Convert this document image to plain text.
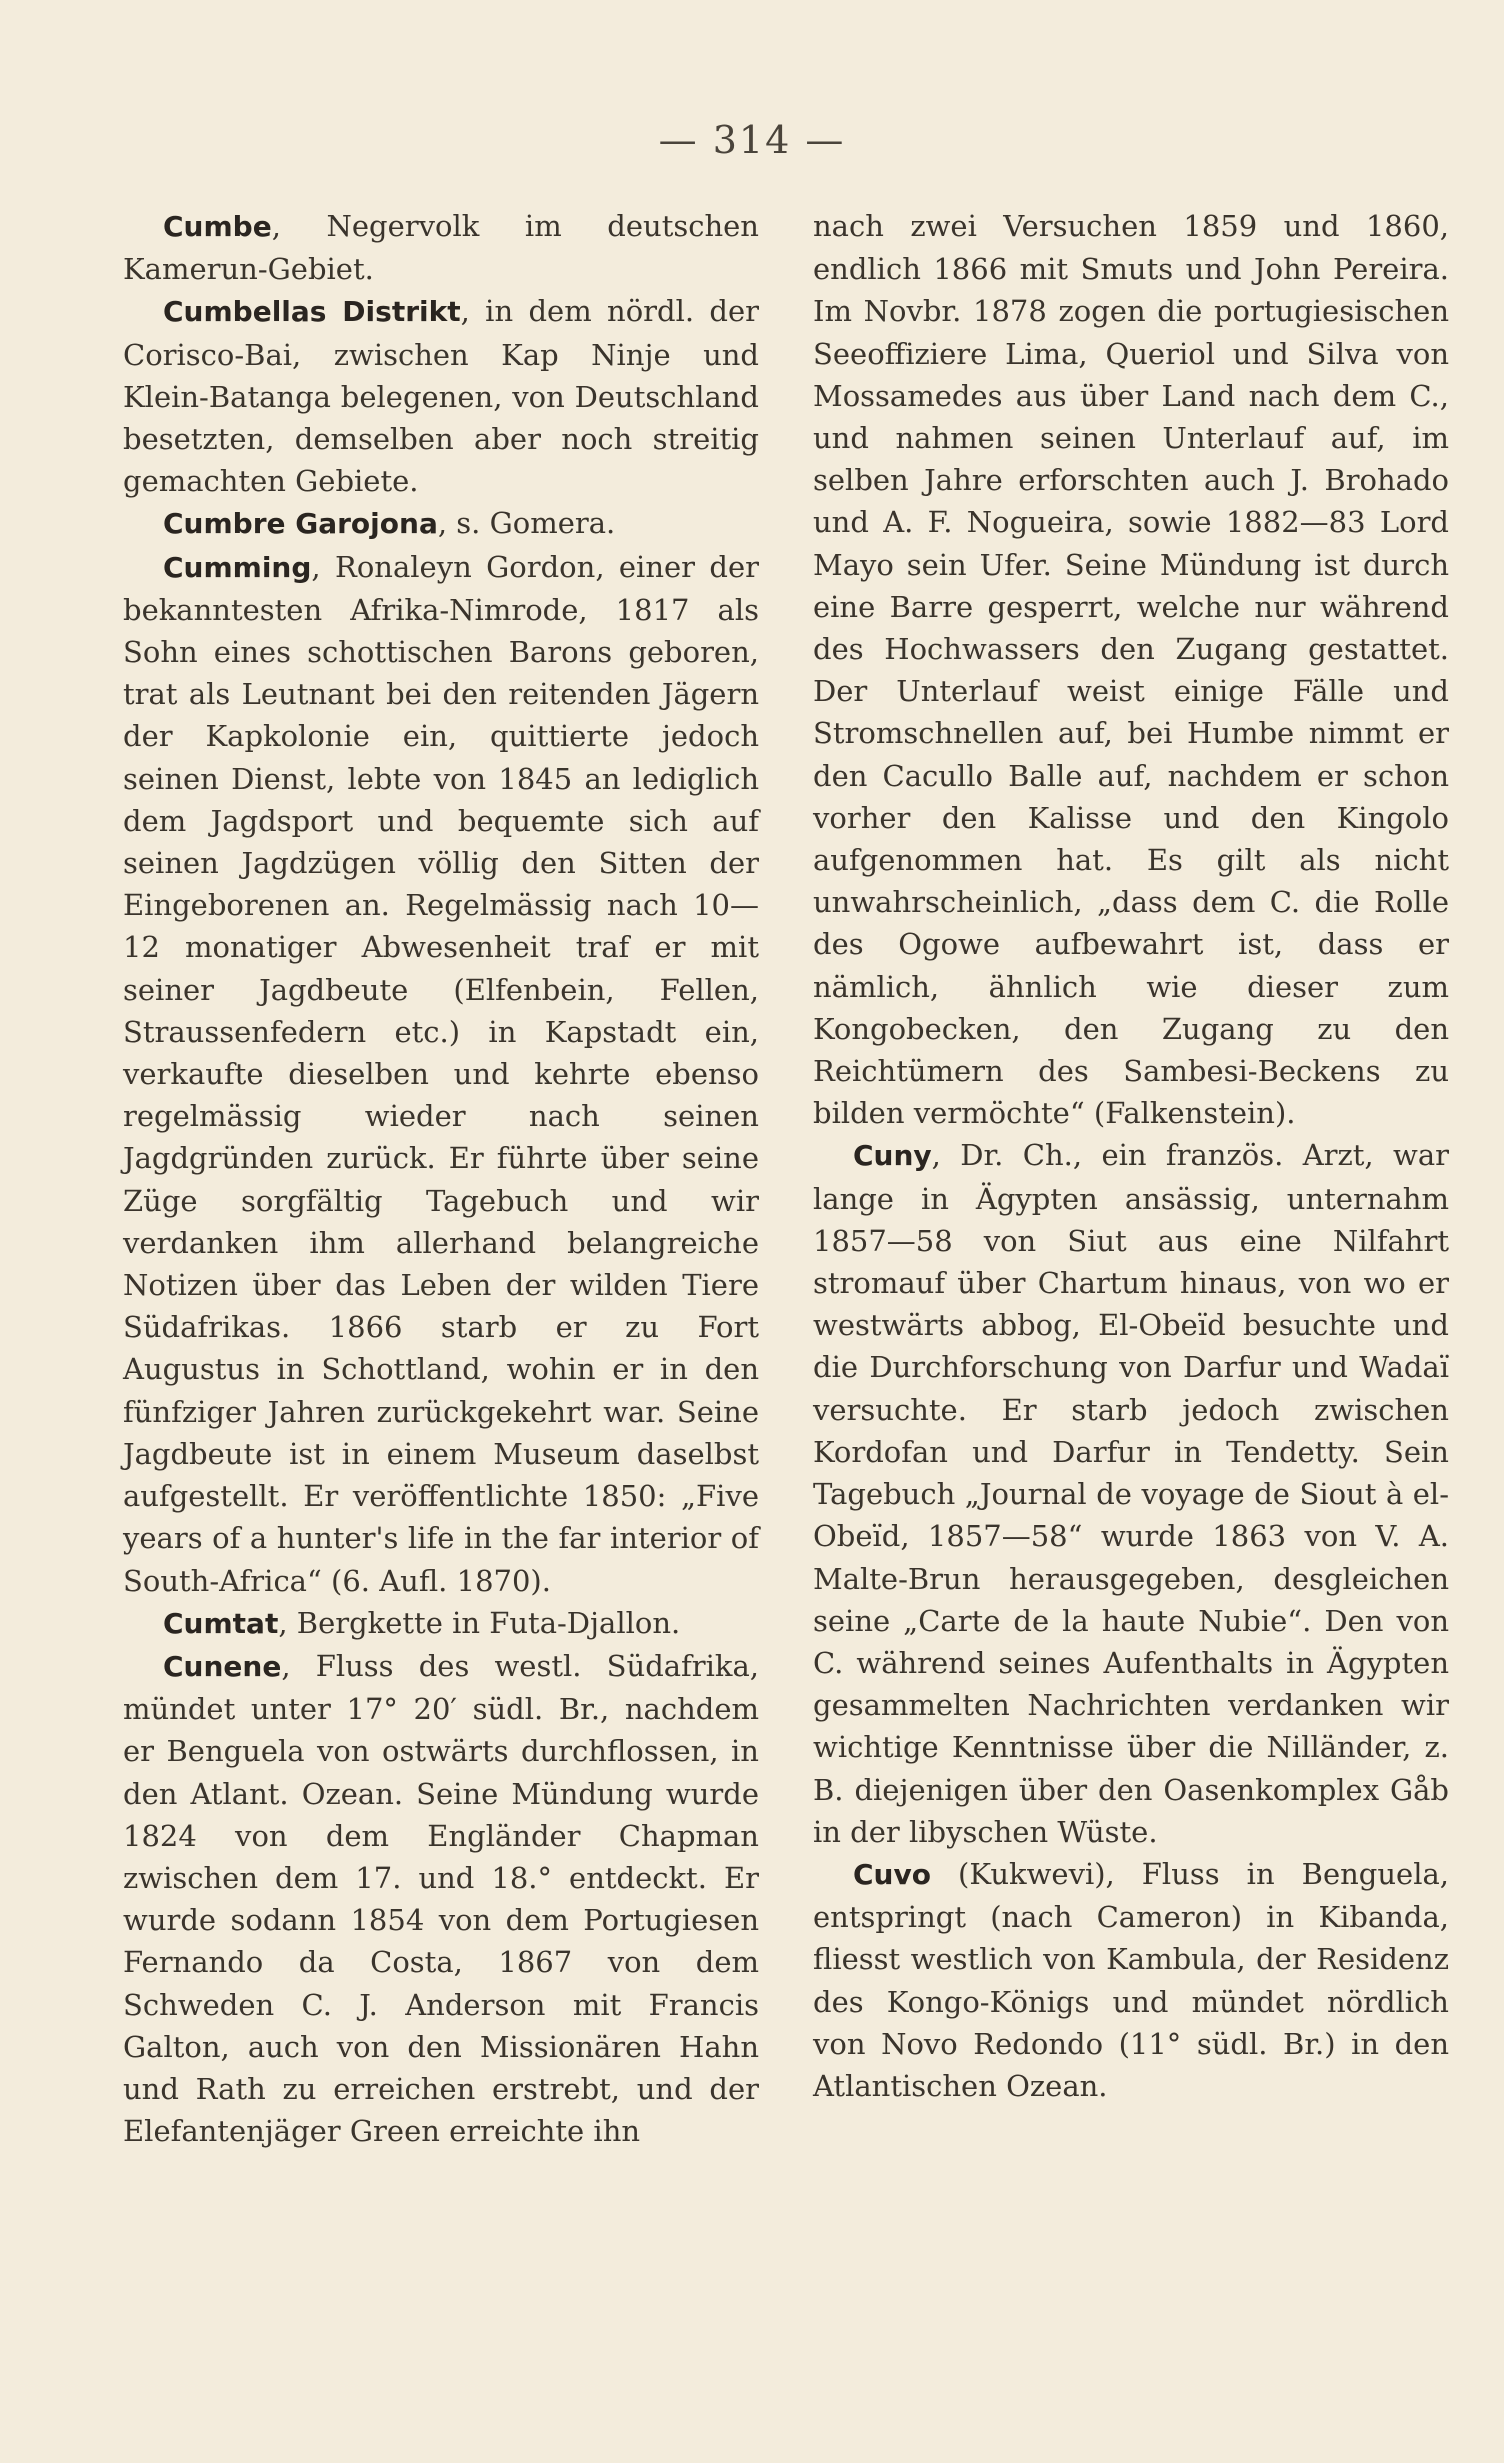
— 314 —

Cumbe, Negervolk im deutschen Kamerun-Gebiet.

Cumbellas Distrikt, in dem nördl. der Corisco-Bai, zwischen Kap Ninje und Klein-Batanga belegenen, von Deutschland besetzten, demselben aber noch streitig gemachten Gebiete.

Cumbre Garojona, s. Gomera.

Cumming, Ronaleyn Gordon, einer der bekanntesten Afrika-Nimrode, 1817 als Sohn eines schottischen Barons geboren, trat als Leutnant bei den reitenden Jägern der Kapkolonie ein, quittierte jedoch seinen Dienst, lebte von 1845 an lediglich dem Jagdsport und bequemte sich auf seinen Jagdzügen völlig den Sitten der Eingeborenen an. Regelmässig nach 10—12 monatiger Abwesenheit traf er mit seiner Jagdbeute (Elfenbein, Fellen, Straussenfedern etc.) in Kapstadt ein, verkaufte dieselben und kehrte ebenso regelmässig wieder nach seinen Jagdgründen zurück. Er führte über seine Züge sorgfältig Tagebuch und wir verdanken ihm allerhand belangreiche Notizen über das Leben der wilden Tiere Südafrikas. 1866 starb er zu Fort Augustus in Schottland, wohin er in den fünfziger Jahren zurückgekehrt war. Seine Jagdbeute ist in einem Museum daselbst aufgestellt. Er veröffentlichte 1850: „Five years of a hunter's life in the far interior of South-Africa“ (6. Aufl. 1870).

Cumtat, Bergkette in Futa-Djallon.

Cunene, Fluss des westl. Südafrika, mündet unter 17° 20′ südl. Br., nachdem er Benguela von ostwärts durchflossen, in den Atlant. Ozean. Seine Mündung wurde 1824 von dem Engländer Chapman zwischen dem 17. und 18.° entdeckt. Er wurde sodann 1854 von dem Portugiesen Fernando da Costa, 1867 von dem Schweden C. J. Anderson mit Francis Galton, auch von den Missionären Hahn und Rath zu erreichen erstrebt, und der Elefantenjäger Green erreichte ihn

nach zwei Versuchen 1859 und 1860, endlich 1866 mit Smuts und John Pereira. Im Novbr. 1878 zogen die portugiesischen Seeoffiziere Lima, Queriol und Silva von Mossamedes aus über Land nach dem C., und nahmen seinen Unterlauf auf, im selben Jahre erforschten auch J. Brohado und A. F. Nogueira, sowie 1882—83 Lord Mayo sein Ufer. Seine Mündung ist durch eine Barre gesperrt, welche nur während des Hochwassers den Zugang gestattet. Der Unterlauf weist einige Fälle und Stromschnellen auf, bei Humbe nimmt er den Cacullo Balle auf, nachdem er schon vorher den Kalisse und den Kingolo aufgenommen hat. Es gilt als nicht unwahrscheinlich, „dass dem C. die Rolle des Ogowe aufbewahrt ist, dass er nämlich, ähnlich wie dieser zum Kongobecken, den Zugang zu den Reichtümern des Sambesi-Beckens zu bilden vermöchte“ (Falkenstein).

Cuny, Dr. Ch., ein französ. Arzt, war lange in Ägypten ansässig, unternahm 1857—58 von Siut aus eine Nilfahrt stromauf über Chartum hinaus, von wo er westwärts abbog, El-Obeïd besuchte und die Durchforschung von Darfur und Wadaï versuchte. Er starb jedoch zwischen Kordofan und Darfur in Tendetty. Sein Tagebuch „Journal de voyage de Siout à el-Obeïd, 1857—58“ wurde 1863 von V. A. Malte-Brun herausgegeben, desgleichen seine „Carte de la haute Nubie“. Den von C. während seines Aufenthalts in Ägypten gesammelten Nachrichten verdanken wir wichtige Kenntnisse über die Nilländer, z. B. diejenigen über den Oasenkomplex Gåb in der libyschen Wüste.

Cuvo (Kukwevi), Fluss in Benguela, entspringt (nach Cameron) in Kibanda, fliesst westlich von Kambula, der Residenz des Kongo-Königs und mündet nördlich von Novo Redondo (11° südl. Br.) in den Atlantischen Ozean.
